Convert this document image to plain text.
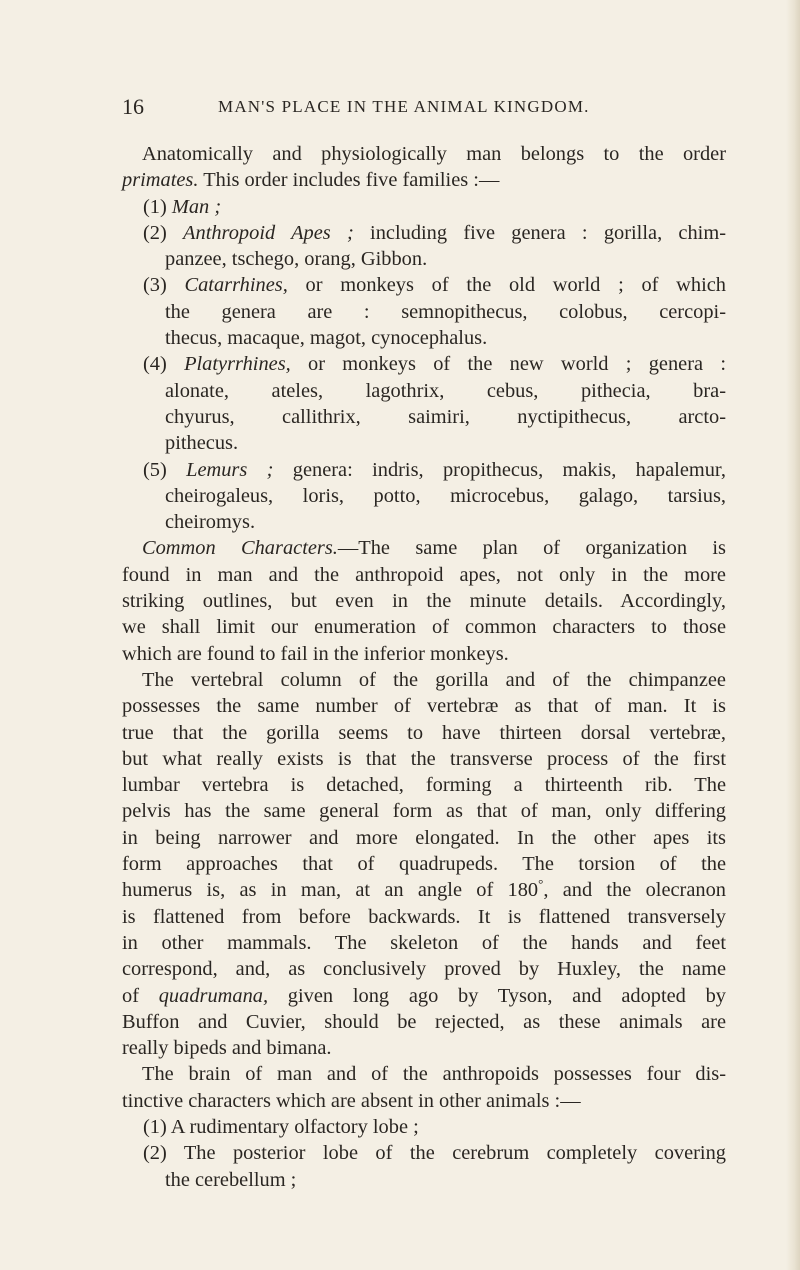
16	MAN'S PLACE IN THE ANIMAL KINGDOM.
Anatomically and physiologically man belongs to the order
primates. This order includes five families :—
(1) Man ;
(2) Anthropoid Apes ; including five genera : gorilla, chim-
panzee, tschego, orang, Gibbon.
(3) Catarrhines, or monkeys of the old world ; of which
the genera are : semnopithecus, colobus, cercopi-
thecus, macaque, magot, cynocephalus.
(4) Platyrrhines, or monkeys of the new world ; genera :
alonate, ateles, lagothrix, cebus, pithecia, bra-
chyurus, callithrix, saimiri, nyctipithecus, arcto-
pithecus.
(5) Lemurs ; genera: indris, propithecus, makis, hapalemur,
cheirogaleus, loris, potto, microcebus, galago, tarsius,
cheiromys.
Common Characters.—The same plan of organization is
found in man and the anthropoid apes, not only in the more
striking outlines, but even in the minute details. Accordingly,
we shall limit our enumeration of common characters to those
which are found to fail in the inferior monkeys.
The vertebral column of the gorilla and of the chimpanzee
possesses the same number of vertebræ as that of man. It is
true that the gorilla seems to have thirteen dorsal vertebræ,
but what really exists is that the transverse process of the first
lumbar vertebra is detached, forming a thirteenth rib. The
pelvis has the same general form as that of man, only differing
in being narrower and more elongated. In the other apes its
form approaches that of quadrupeds. The torsion of the
humerus is, as in man, at an angle of 180°, and the olecranon
is flattened from before backwards. It is flattened transversely
in other mammals. The skeleton of the hands and feet
correspond, and, as conclusively proved by Huxley, the name
of quadrumana, given long ago by Tyson, and adopted by
Buffon and Cuvier, should be rejected, as these animals are
really bipeds and bimana.
The brain of man and of the anthropoids possesses four dis-
tinctive characters which are absent in other animals :—
(1) A rudimentary olfactory lobe ;
(2) The posterior lobe of the cerebrum completely covering
the cerebellum ;
